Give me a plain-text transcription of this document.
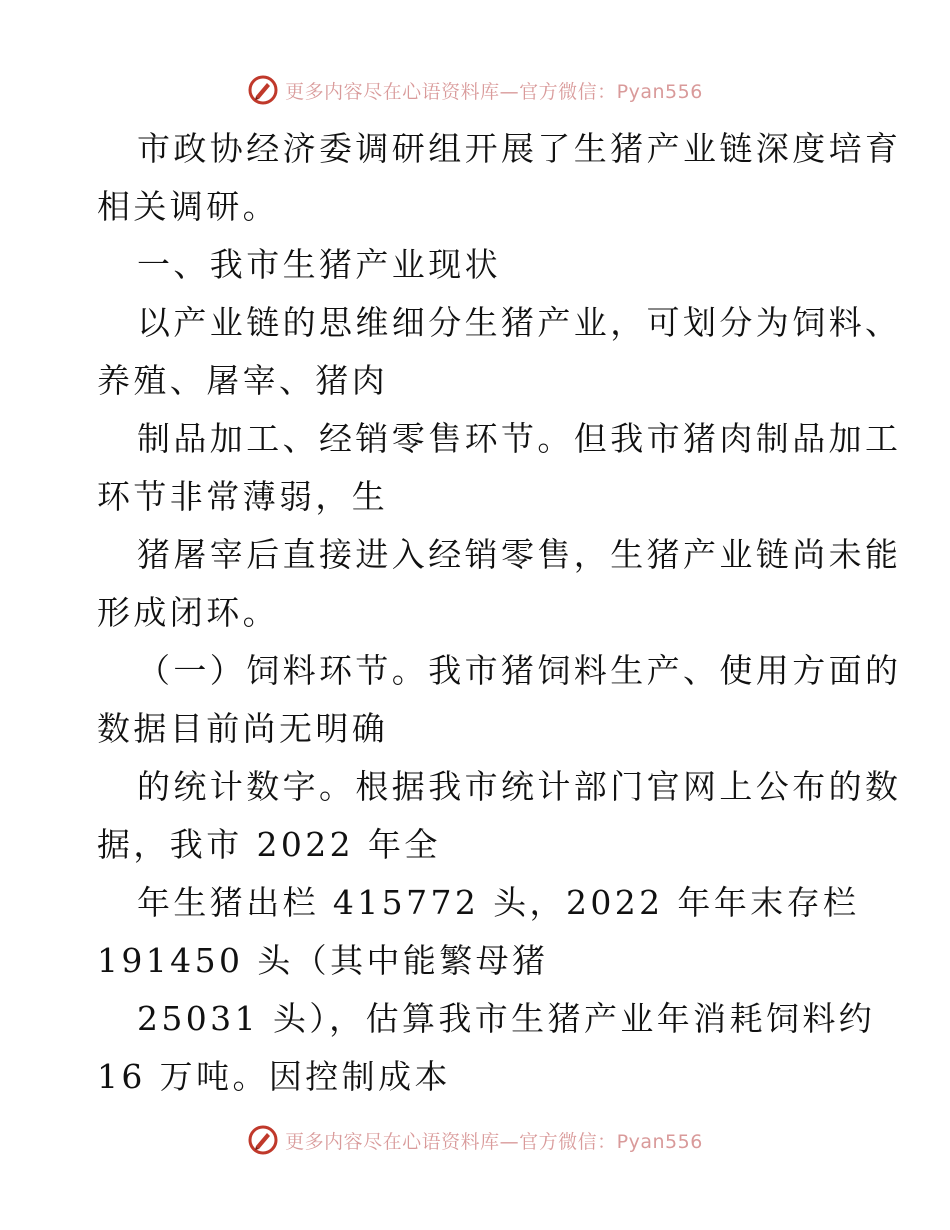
更多内容尽在心语资料库—官方微信：Pyan556
市政协经济委调研组开展了生猪产业链深度培育
相关调研。
一、我市生猪产业现状
以产业链的思维细分生猪产业，可划分为饲料、
养殖、屠宰、猪肉
制品加工、经销零售环节。但我市猪肉制品加工
环节非常薄弱，生
猪屠宰后直接进入经销零售，生猪产业链尚未能
形成闭环。
（一）饲料环节。我市猪饲料生产、使用方面的
数据目前尚无明确
的统计数字。根据我市统计部门官网上公布的数
据，我市 2022 年全
年生猪出栏 415772 头，2022 年年末存栏
191450 头（其中能繁母猪
25031 头），估算我市生猪产业年消耗饲料约
16 万吨。因控制成本
更多内容尽在心语资料库—官方微信：Pyan556
